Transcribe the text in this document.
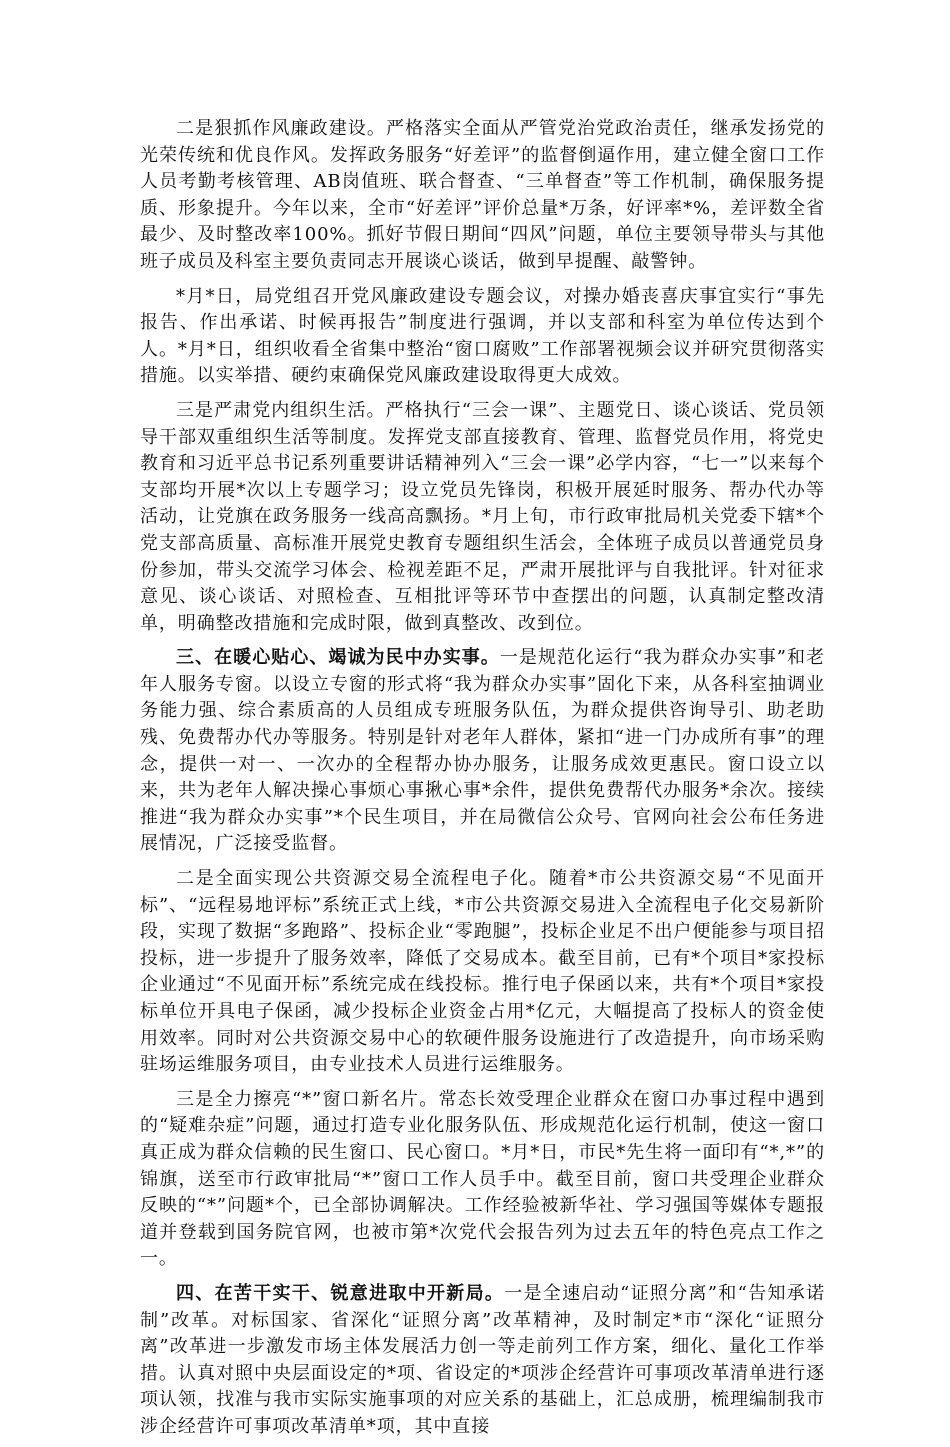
二是狠抓作风廉政建设。严格落实全面从严管党治党政治责任，继承发扬党的光荣传统和优良作风。发挥政务服务“好差评”的监督倒逼作用，建立健全窗口工作人员考勤考核管理、AB岗值班、联合督查、“三单督查”等工作机制，确保服务提质、形象提升。今年以来，全市“好差评”评价总量*万条，好评率*%，差评数全省最少、及时整改率100%。抓好节假日期间“四风”问题，单位主要领导带头与其他班子成员及科室主要负责同志开展谈心谈话，做到早提醒、敲警钟。

*月*日，局党组召开党风廉政建设专题会议，对操办婚丧喜庆事宜实行“事先报告、作出承诺、时候再报告”制度进行强调，并以支部和科室为单位传达到个人。*月*日，组织收看全省集中整治“窗口腐败”工作部署视频会议并研究贯彻落实措施。以实举措、硬约束确保党风廉政建设取得更大成效。

三是严肃党内组织生活。严格执行“三会一课”、主题党日、谈心谈话、党员领导干部双重组织生活等制度。发挥党支部直接教育、管理、监督党员作用，将党史教育和习近平总书记系列重要讲话精神列入“三会一课”必学内容，“七一”以来每个支部均开展*次以上专题学习；设立党员先锋岗，积极开展延时服务、帮办代办等活动，让党旗在政务服务一线高高飘扬。*月上旬，市行政审批局机关党委下辖*个党支部高质量、高标准开展党史教育专题组织生活会，全体班子成员以普通党员身份参加，带头交流学习体会、检视差距不足，严肃开展批评与自我批评。针对征求意见、谈心谈话、对照检查、互相批评等环节中查摆出的问题，认真制定整改清单，明确整改措施和完成时限，做到真整改、改到位。

三、在暖心贴心、竭诚为民中办实事。一是规范化运行“我为群众办实事”和老年人服务专窗。以设立专窗的形式将“我为群众办实事”固化下来，从各科室抽调业务能力强、综合素质高的人员组成专班服务队伍，为群众提供咨询导引、助老助残、免费帮办代办等服务。特别是针对老年人群体，紧扣“进一门办成所有事”的理念，提供一对一、一次办的全程帮办协办服务，让服务成效更惠民。窗口设立以来，共为老年人解决操心事烦心事揪心事*余件，提供免费帮代办服务*余次。接续推进“我为群众办实事”*个民生项目，并在局微信公众号、官网向社会公布任务进展情况，广泛接受监督。

二是全面实现公共资源交易全流程电子化。随着*市公共资源交易“不见面开标”、“远程易地评标”系统正式上线，*市公共资源交易进入全流程电子化交易新阶段，实现了数据“多跑路”、投标企业“零跑腿”，投标企业足不出户便能参与项目招投标，进一步提升了服务效率，降低了交易成本。截至目前，已有*个项目*家投标企业通过“不见面开标”系统完成在线投标。推行电子保函以来，共有*个项目*家投标单位开具电子保函，减少投标企业资金占用*亿元，大幅提高了投标人的资金使用效率。同时对公共资源交易中心的软硬件服务设施进行了改造提升，向市场采购驻场运维服务项目，由专业技术人员进行运维服务。

三是全力擦亮“*”窗口新名片。常态长效受理企业群众在窗口办事过程中遇到的“疑难杂症”问题，通过打造专业化服务队伍、形成规范化运行机制，使这一窗口真正成为群众信赖的民生窗口、民心窗口。*月*日，市民*先生将一面印有“*,*”的锦旗，送至市行政审批局“*”窗口工作人员手中。截至目前，窗口共受理企业群众反映的“*”问题*个，已全部协调解决。工作经验被新华社、学习强国等媒体专题报道并登载到国务院官网，也被市第*次党代会报告列为过去五年的特色亮点工作之一。

四、在苦干实干、锐意进取中开新局。一是全速启动“证照分离”和“告知承诺制”改革。对标国家、省深化“证照分离”改革精神，及时制定*市“深化“证照分离”改革进一步激发市场主体发展活力创一等走前列工作方案，细化、量化工作举措。认真对照中央层面设定的*项、省设定的*项涉企经营许可事项改革清单进行逐项认领，找准与我市实际实施事项的对应关系的基础上，汇总成册，梳理编制我市涉企经营许可事项改革清单*项，其中直接
